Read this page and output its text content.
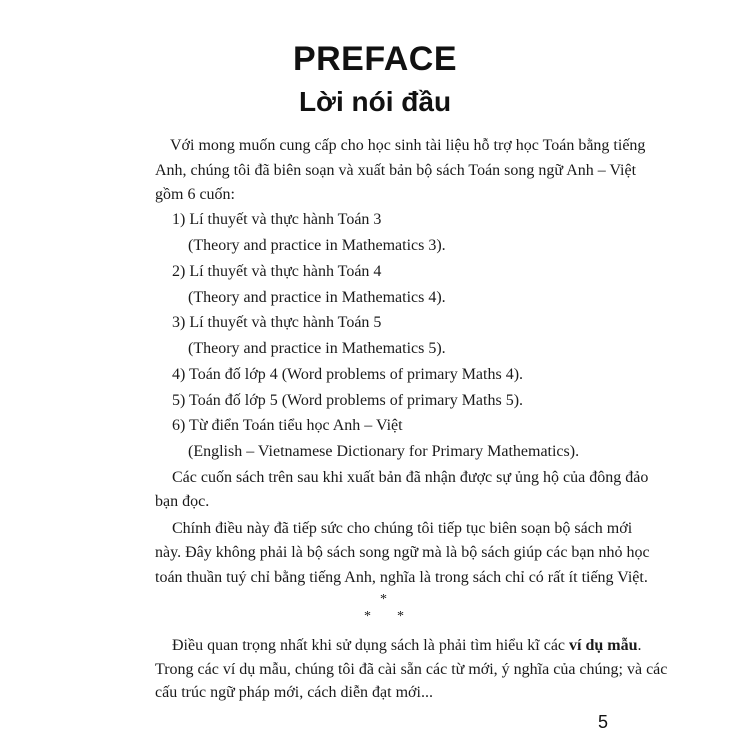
PREFACE
Lời nói đầu
Với mong muốn cung cấp cho học sinh tài liệu hỗ trợ học Toán bằng tiếng
Anh, chúng tôi đã biên soạn và xuất bản bộ sách Toán song ngữ Anh – Việt
gồm 6 cuốn:
1) Lí thuyết và thực hành Toán 3
(Theory and practice in Mathematics 3).
2) Lí thuyết và thực hành Toán 4
(Theory and practice in Mathematics 4).
3) Lí thuyết và thực hành Toán 5
(Theory and practice in Mathematics 5).
4) Toán đố lớp 4 (Word problems of primary Maths 4).
5) Toán đố lớp 5 (Word problems of primary Maths 5).
6) Từ điển Toán tiểu học Anh – Việt
(English – Vietnamese Dictionary for Primary Mathematics).
Các cuốn sách trên sau khi xuất bản đã nhận được sự ủng hộ của đông đảo
bạn đọc.
Chính điều này đã tiếp sức cho chúng tôi tiếp tục biên soạn bộ sách mới
này. Đây không phải là bộ sách song ngữ mà là bộ sách giúp các bạn nhỏ học
toán thuần tuý chỉ bằng tiếng Anh, nghĩa là trong sách chỉ có rất ít tiếng Việt.
*
* *
Điều quan trọng nhất khi sử dụng sách là phải tìm hiểu kĩ các ví dụ mẫu.
Trong các ví dụ mẫu, chúng tôi đã cài sẵn các từ mới, ý nghĩa của chúng; và các
cấu trúc ngữ pháp mới, cách diễn đạt mới...
5
